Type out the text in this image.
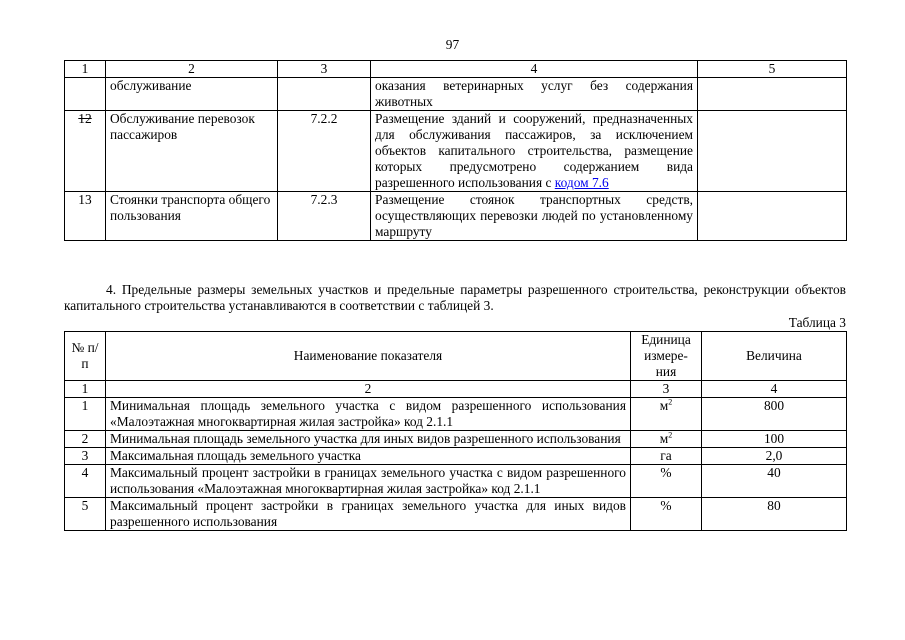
97
1	2	3	4	5
	обслуживание		оказания ветеринарных услуг без содержания животных	
12	Обслуживание перевозок пассажиров	7.2.2	Размещение зданий и сооружений, предназначенных для обслуживания пассажиров, за исключением объектов капитального строительства, размещение которых предусмотрено содержанием вида разрешенного использования с кодом 7.6	
13	Стоянки транспорта общего пользования	7.2.3	Размещение стоянок транспортных средств, осуществляющих перевозки людей по установленному маршруту	
4. Предельные размеры земельных участков и предельные параметры разрешенного строительства, реконструкции объектов капитального строительства устанавливаются в соответствии с таблицей 3.
Таблица 3
№ п/п	Наименование показателя	Единица измере-ния	Величина
1	2	3	4
1	Минимальная площадь земельного участка с видом разрешенного использования «Малоэтажная многоквартирная жилая застройка» код 2.1.1	$м^2$	800
2	Минимальная площадь земельного участка для иных видов разрешенного использования	$м^2$	100
3	Максимальная площадь земельного участка	га	2,0
4	Максимальный процент застройки в границах земельного участка с видом разрешенного использования «Малоэтажная многоквартирная жилая застройка» код 2.1.1	%	40
5	Максимальный процент застройки в границах земельного участка для иных видов разрешенного использования	%	80
